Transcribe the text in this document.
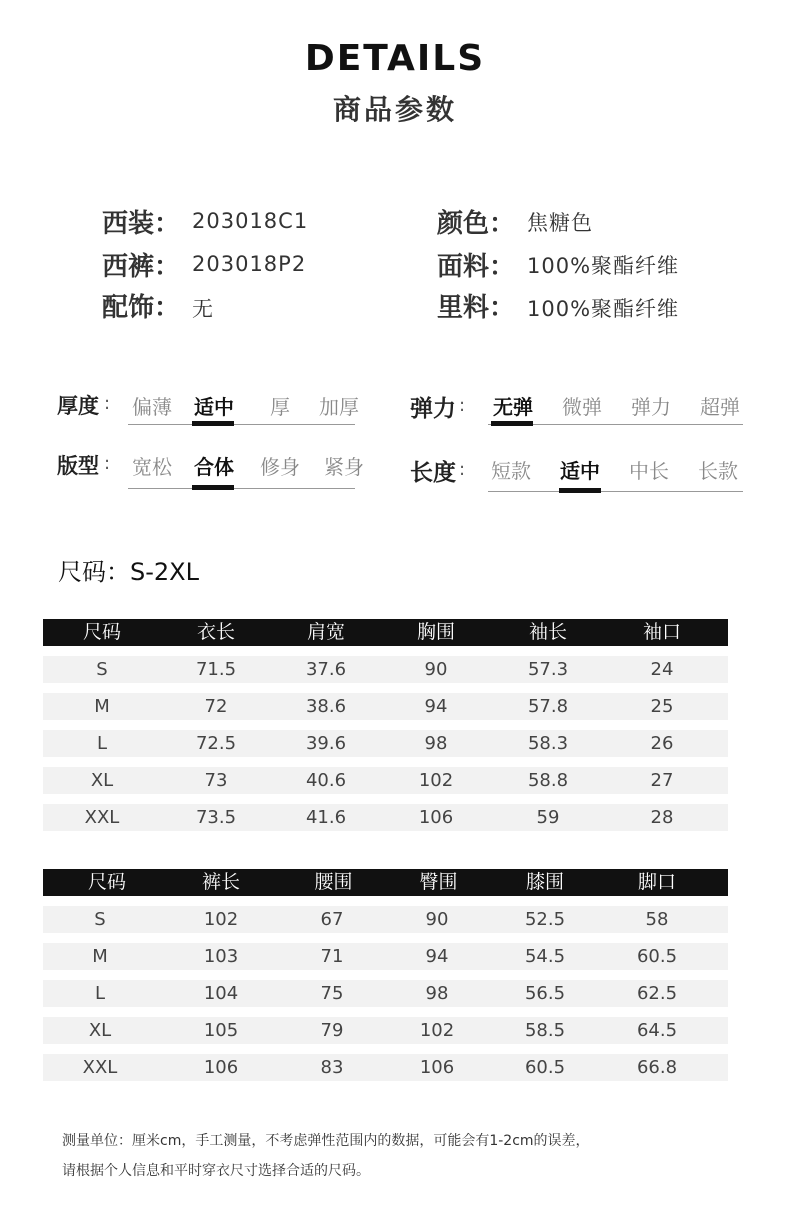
DETAILS
商品参数
西装： 203018C1
西裤： 203018P2
配饰： 无
颜色： 焦糖色
面料： 100%聚酯纤维
里料： 100%聚酯纤维
厚度 : 偏薄 适中	厚	加厚
版型 : 宽松 合体 修身 紧身
弹力 : 无弹 微弹 弹力 超弹
长度 : 短款 适中 中长 长款
尺码：S-2XL
尺码	衣长	肩宽	胸围	袖长	袖口
S	71.5	37.6	90	57.3	24
M	72	38.6	94	57.8	25
L	72.5	39.6	98	58.3	26
XL	73	40.6	102	58.8	27
XXL	73.5	41.6	106	59	28
尺码	裤长	腰围	臀围	膝围	脚口
S	102	67	90	52.5	58
M	103	71	94	54.5	60.5
L	104	75	98	56.5	62.5
XL	105	79	102	58.5	64.5
XXL	106	83	106	60.5	66.8
测量单位：厘米cm，手工测量，不考虑弹性范围内的数据，可能会有1-2cm的误差，
请根据个人信息和平时穿衣尺寸选择合适的尺码。
